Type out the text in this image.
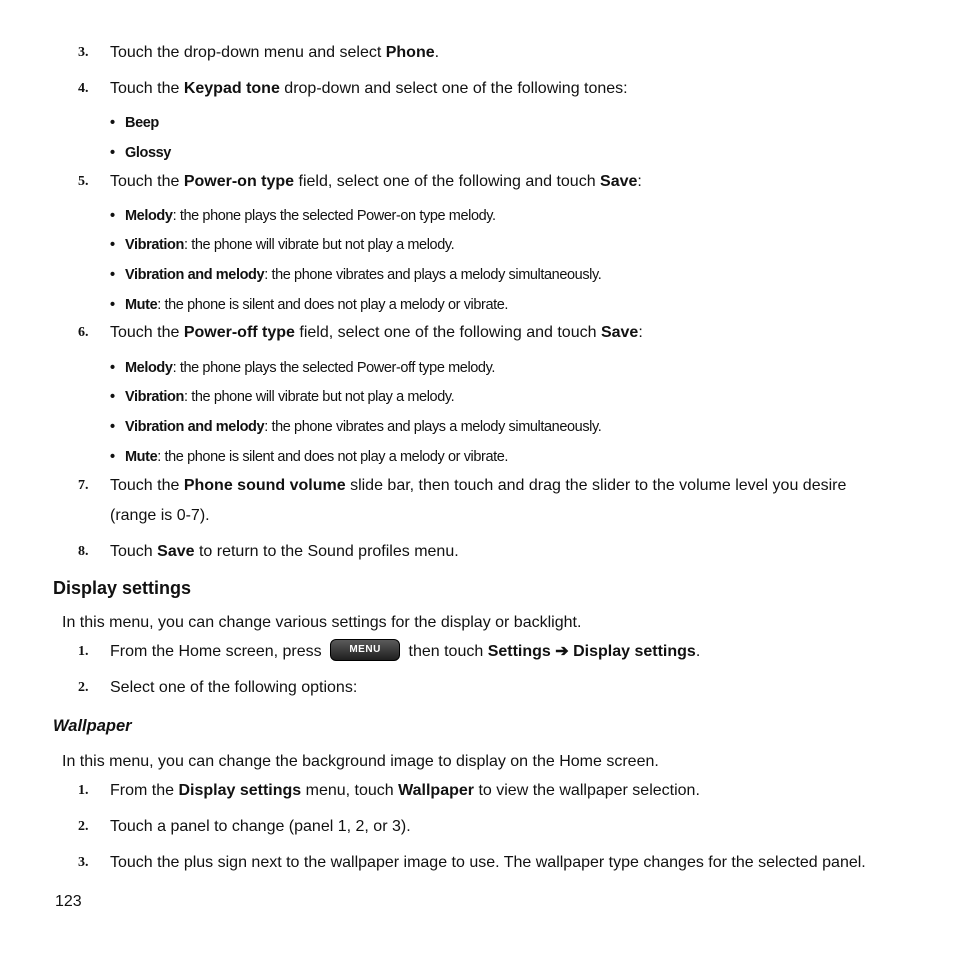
3.	Touch the drop-down menu and select Phone.
4.	Touch the Keypad tone drop-down and select one of the following tones:
• Beep
• Glossy
5.	Touch the Power-on type field, select one of the following and touch Save:
• Melody: the phone plays the selected Power-on type melody.
• Vibration: the phone will vibrate but not play a melody.
• Vibration and melody: the phone vibrates and plays a melody simultaneously.
• Mute: the phone is silent and does not play a melody or vibrate.
6.	Touch the Power-off type field, select one of the following and touch Save:
• Melody: the phone plays the selected Power-off type melody.
• Vibration: the phone will vibrate but not play a melody.
• Vibration and melody: the phone vibrates and plays a melody simultaneously.
• Mute: the phone is silent and does not play a melody or vibrate.
7.	Touch the Phone sound volume slide bar, then touch and drag the slider to the volume level you desire (range is 0-7).
8.	Touch Save to return to the Sound profiles menu.
Display settings
In this menu, you can change various settings for the display or backlight.
1.	From the Home screen, press MENU then touch Settings ➔ Display settings.
2.	Select one of the following options:
Wallpaper
In this menu, you can change the background image to display on the Home screen.
1.	From the Display settings menu, touch Wallpaper to view the wallpaper selection.
2.	Touch a panel to change (panel 1, 2, or 3).
3.	Touch the plus sign next to the wallpaper image to use. The wallpaper type changes for the selected panel.
123
